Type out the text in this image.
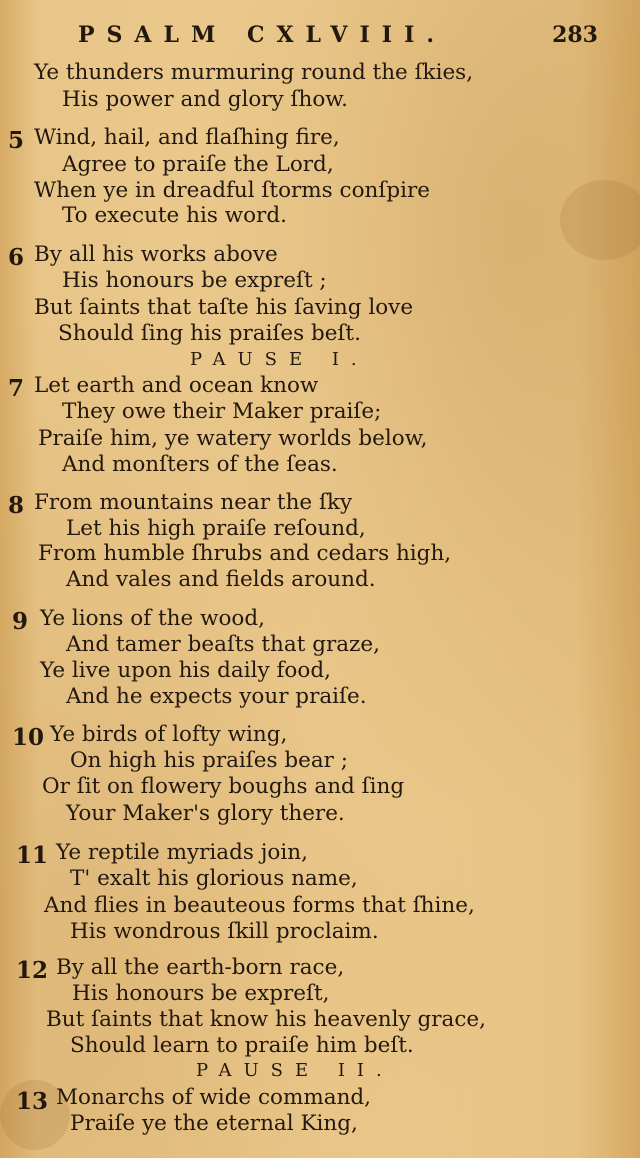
PSALM CXLVIII.	283
Ye thunders murmuring round the ſkies,
His power and glory ſhow.
5 Wind, hail, and flaſhing fire,
Agree to praiſe the Lord,
When ye in dreadful ſtorms conſpire
To execute his word.
6 By all his works above
His honours be expreſt ;
But ſaints that taſte his ſaving love
Should ſing his praiſes beſt.
PAUSE I.
7 Let earth and ocean know
They owe their Maker praiſe;
Praiſe him, ye watery worlds below,
And monſters of the ſeas.
8 From mountains near the ſky
Let his high praiſe reſound,
From humble ſhrubs and cedars high,
And vales and fields around.
9 Ye lions of the wood,
And tamer beaſts that graze,
Ye live upon his daily food,
And he expects your praiſe.
10 Ye birds of lofty wing,
On high his praiſes bear ;
Or ſit on flowery boughs and ſing
Your Maker's glory there.
11 Ye reptile myriads join,
T' exalt his glorious name,
And flies in beauteous forms that ſhine,
His wondrous ſkill proclaim.
12 By all the earth-born race,
His honours be expreſt,
But ſaints that know his heavenly grace,
Should learn to praiſe him beſt.
PAUSE II.
13 Monarchs of wide command,
Praiſe ye the eternal King,
